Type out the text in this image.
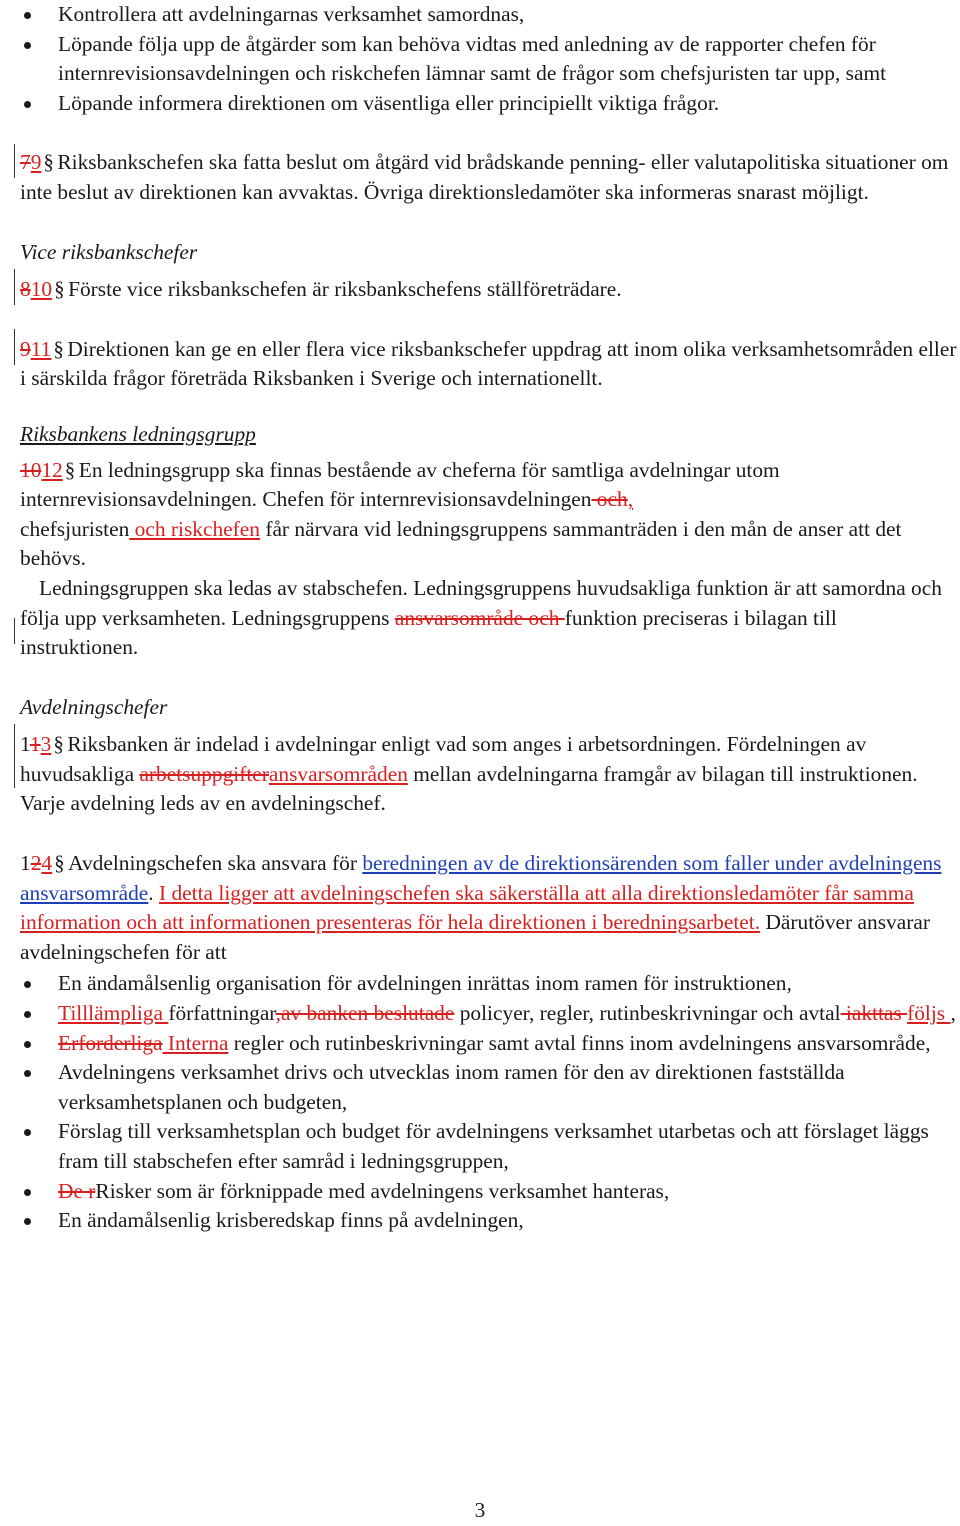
Kontrollera att avdelningarnas verksamhet samordnas,
Löpande följa upp de åtgärder som kan behöva vidtas med anledning av de rapporter chefen för internrevisionsavdelningen och riskchefen lämnar samt de frågor som chefsjuristen tar upp, samt
Löpande informera direktionen om väsentliga eller principiellt viktiga frågor.
79 § Riksbankschefen ska fatta beslut om åtgärd vid brådskande penning- eller valutapolitiska situationer om inte beslut av direktionen kan avvaktas. Övriga direktionsledamöter ska informeras snarast möjligt.
Vice riksbankschefer
810 § Förste vice riksbankschefen är riksbankschefens ställföreträdare.
911 § Direktionen kan ge en eller flera vice riksbankschefer uppdrag att inom olika verksamhetsområden eller i särskilda frågor företräda Riksbanken i Sverige och internationellt.
Riksbankens ledningsgrupp
1012 § En ledningsgrupp ska finnas bestående av cheferna för samtliga avdelningar utom internrevisionsavdelningen. Chefen för internrevisionsavdelningen och,
chefsjuristen och riskchefen får närvara vid ledningsgruppens sammanträden i den mån de anser att det behövs.
Ledningsgruppen ska ledas av stabschefen. Ledningsgruppens huvudsakliga funktion är att samordna och följa upp verksamheten. Ledningsgruppens ansvarsområde och funktion preciseras i bilagan till instruktionen.
Avdelningschefer
113 § Riksbanken är indelad i avdelningar enligt vad som anges i arbetsordningen. Fördelningen av huvudsakliga arbetsuppgifteransvarsområden mellan avdelningarna framgår av bilagan till instruktionen. Varje avdelning leds av en avdelningschef.
124 § Avdelningschefen ska ansvara för beredningen av de direktionsärenden som faller under avdelningens ansvarsområde. I detta ligger att avdelningschefen ska säkerställa att alla direktionsledamöter får samma information och att informationen presenteras för hela direktionen i beredningsarbetet. Därutöver ansvarar avdelningschefen för att
En ändamålsenlig organisation för avdelningen inrättas inom ramen för instruktionen,
Tilllämpliga författningar,av banken beslutade policyer, regler, rutinbeskrivningar och avtal iakttas följs ,
Erforderliga Interna regler och rutinbeskrivningar samt avtal finns inom avdelningens ansvarsområde,
Avdelningens verksamhet drivs och utvecklas inom ramen för den av direktionen fastställda verksamhetsplanen och budgeten,
Förslag till verksamhetsplan och budget för avdelningens verksamhet utarbetas och att förslaget läggs fram till stabschefen efter samråd i ledningsgruppen,
De rRisker som är förknippade med avdelningens verksamhet hanteras,
En ändamålsenlig krisberedskap finns på avdelningen,
3
